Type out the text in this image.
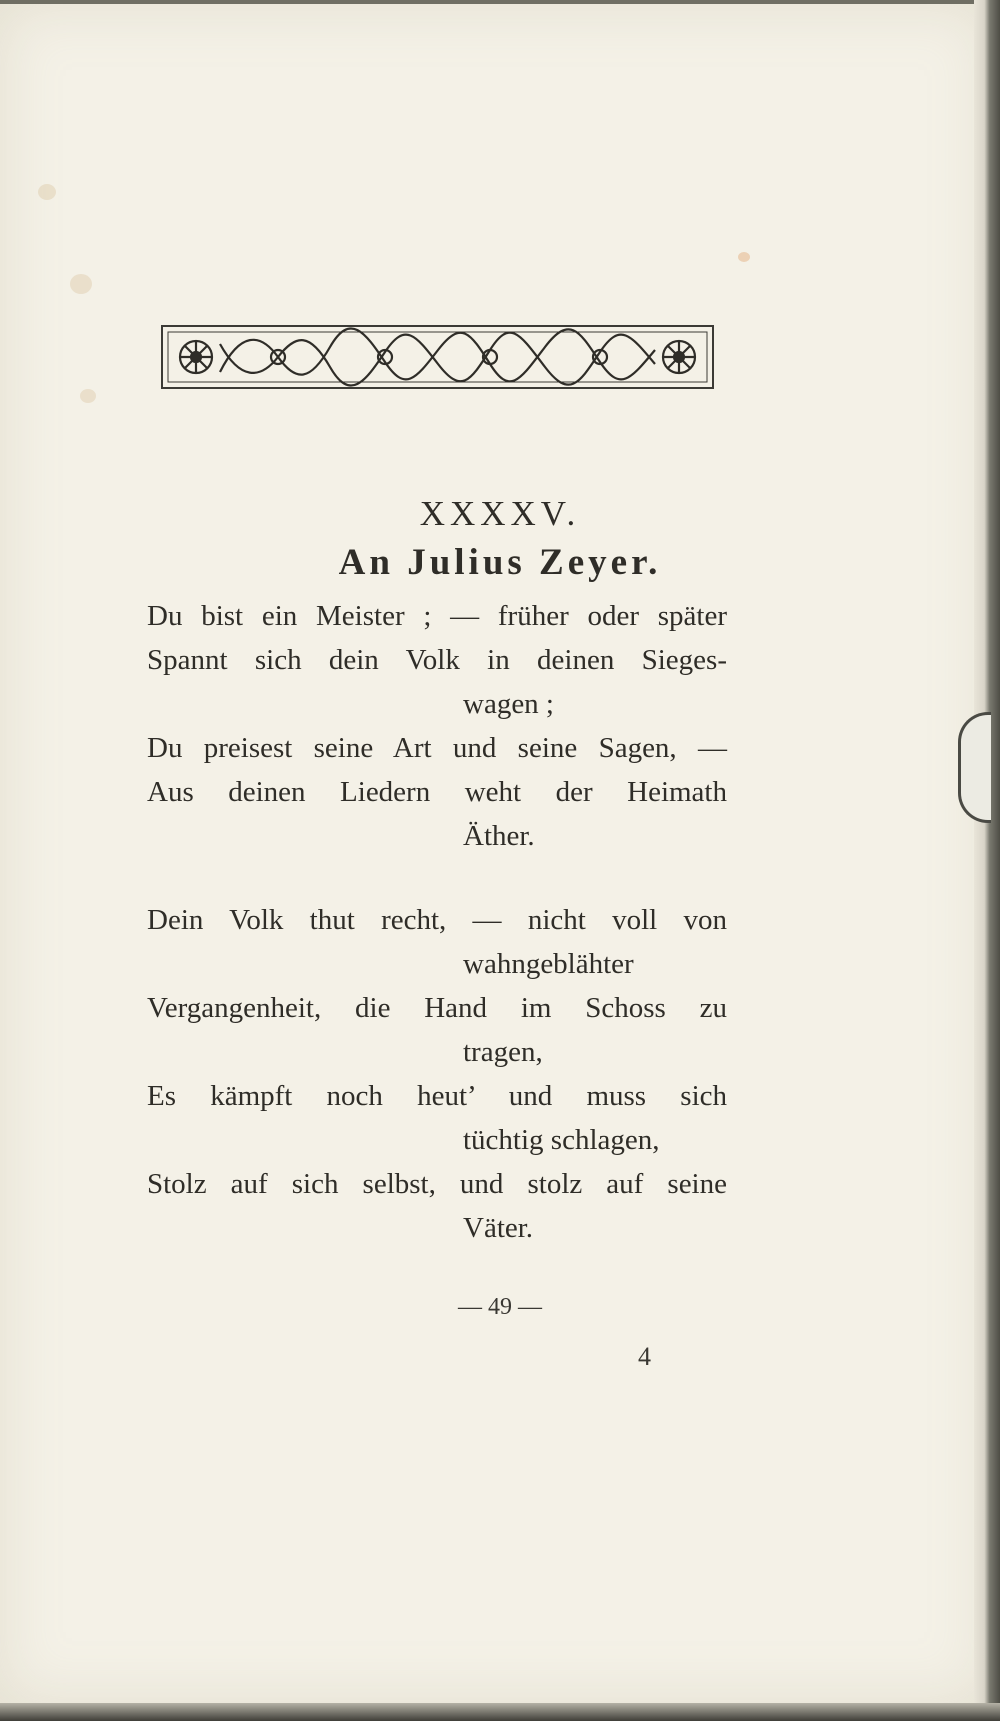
XXXXV.
An Julius Zeyer.
Du bist ein Meister ; — früher oder später
Spannt sich dein Volk in deinen Sieges-
wagen ;
Du preisest seine Art und seine Sagen, —
Aus deinen Liedern weht der Heimath
Äther.
Dein Volk thut recht, — nicht voll von
wahngeblähter
Vergangenheit, die Hand im Schoss zu
tragen,
Es kämpft noch heut’ und muss sich
tüchtig schlagen,
Stolz auf sich selbst, und stolz auf seine
Väter.
— 49 —
4
